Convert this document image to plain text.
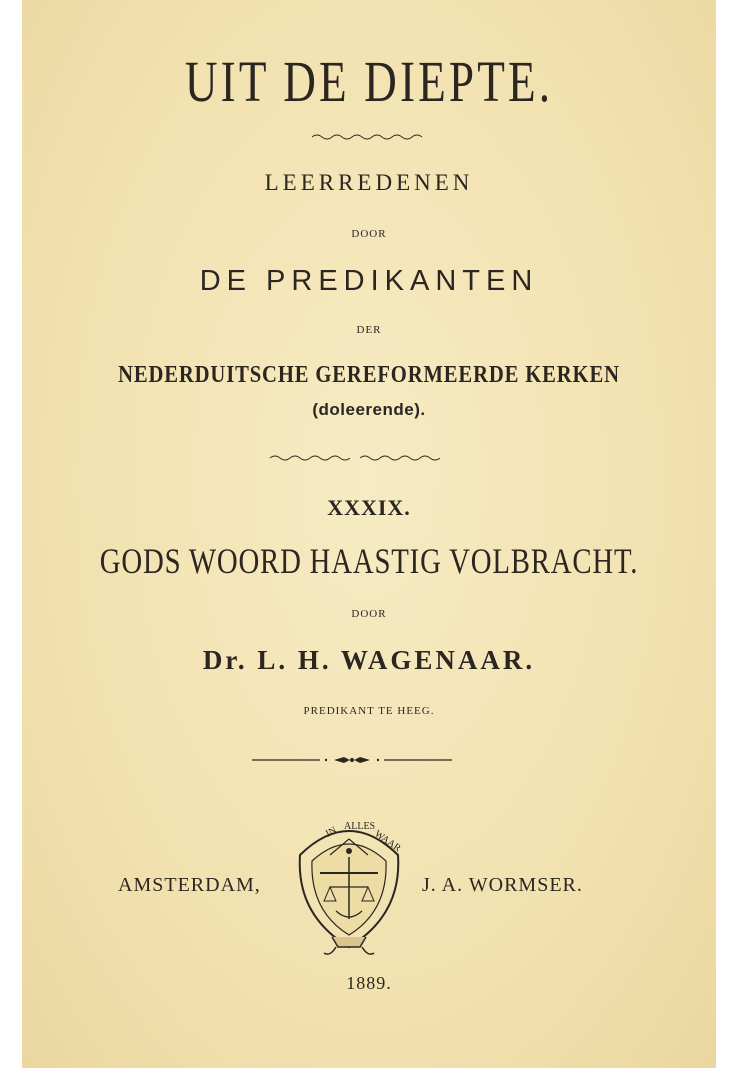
UIT DE DIEPTE.
LEERREDENEN
DOOR
DE PREDIKANTEN
DER
NEDERDUITSCHE GEREFORMEERDE KERKEN
(doleerende).
XXXIX.
GODS WOORD HAASTIG VOLBRACHT.
DOOR
Dr. L. H. WAGENAAR.
PREDIKANT TE HEEG.
AMSTERDAM,
IN ALLES
WAAR
J. A. WORMSER.
1889.
